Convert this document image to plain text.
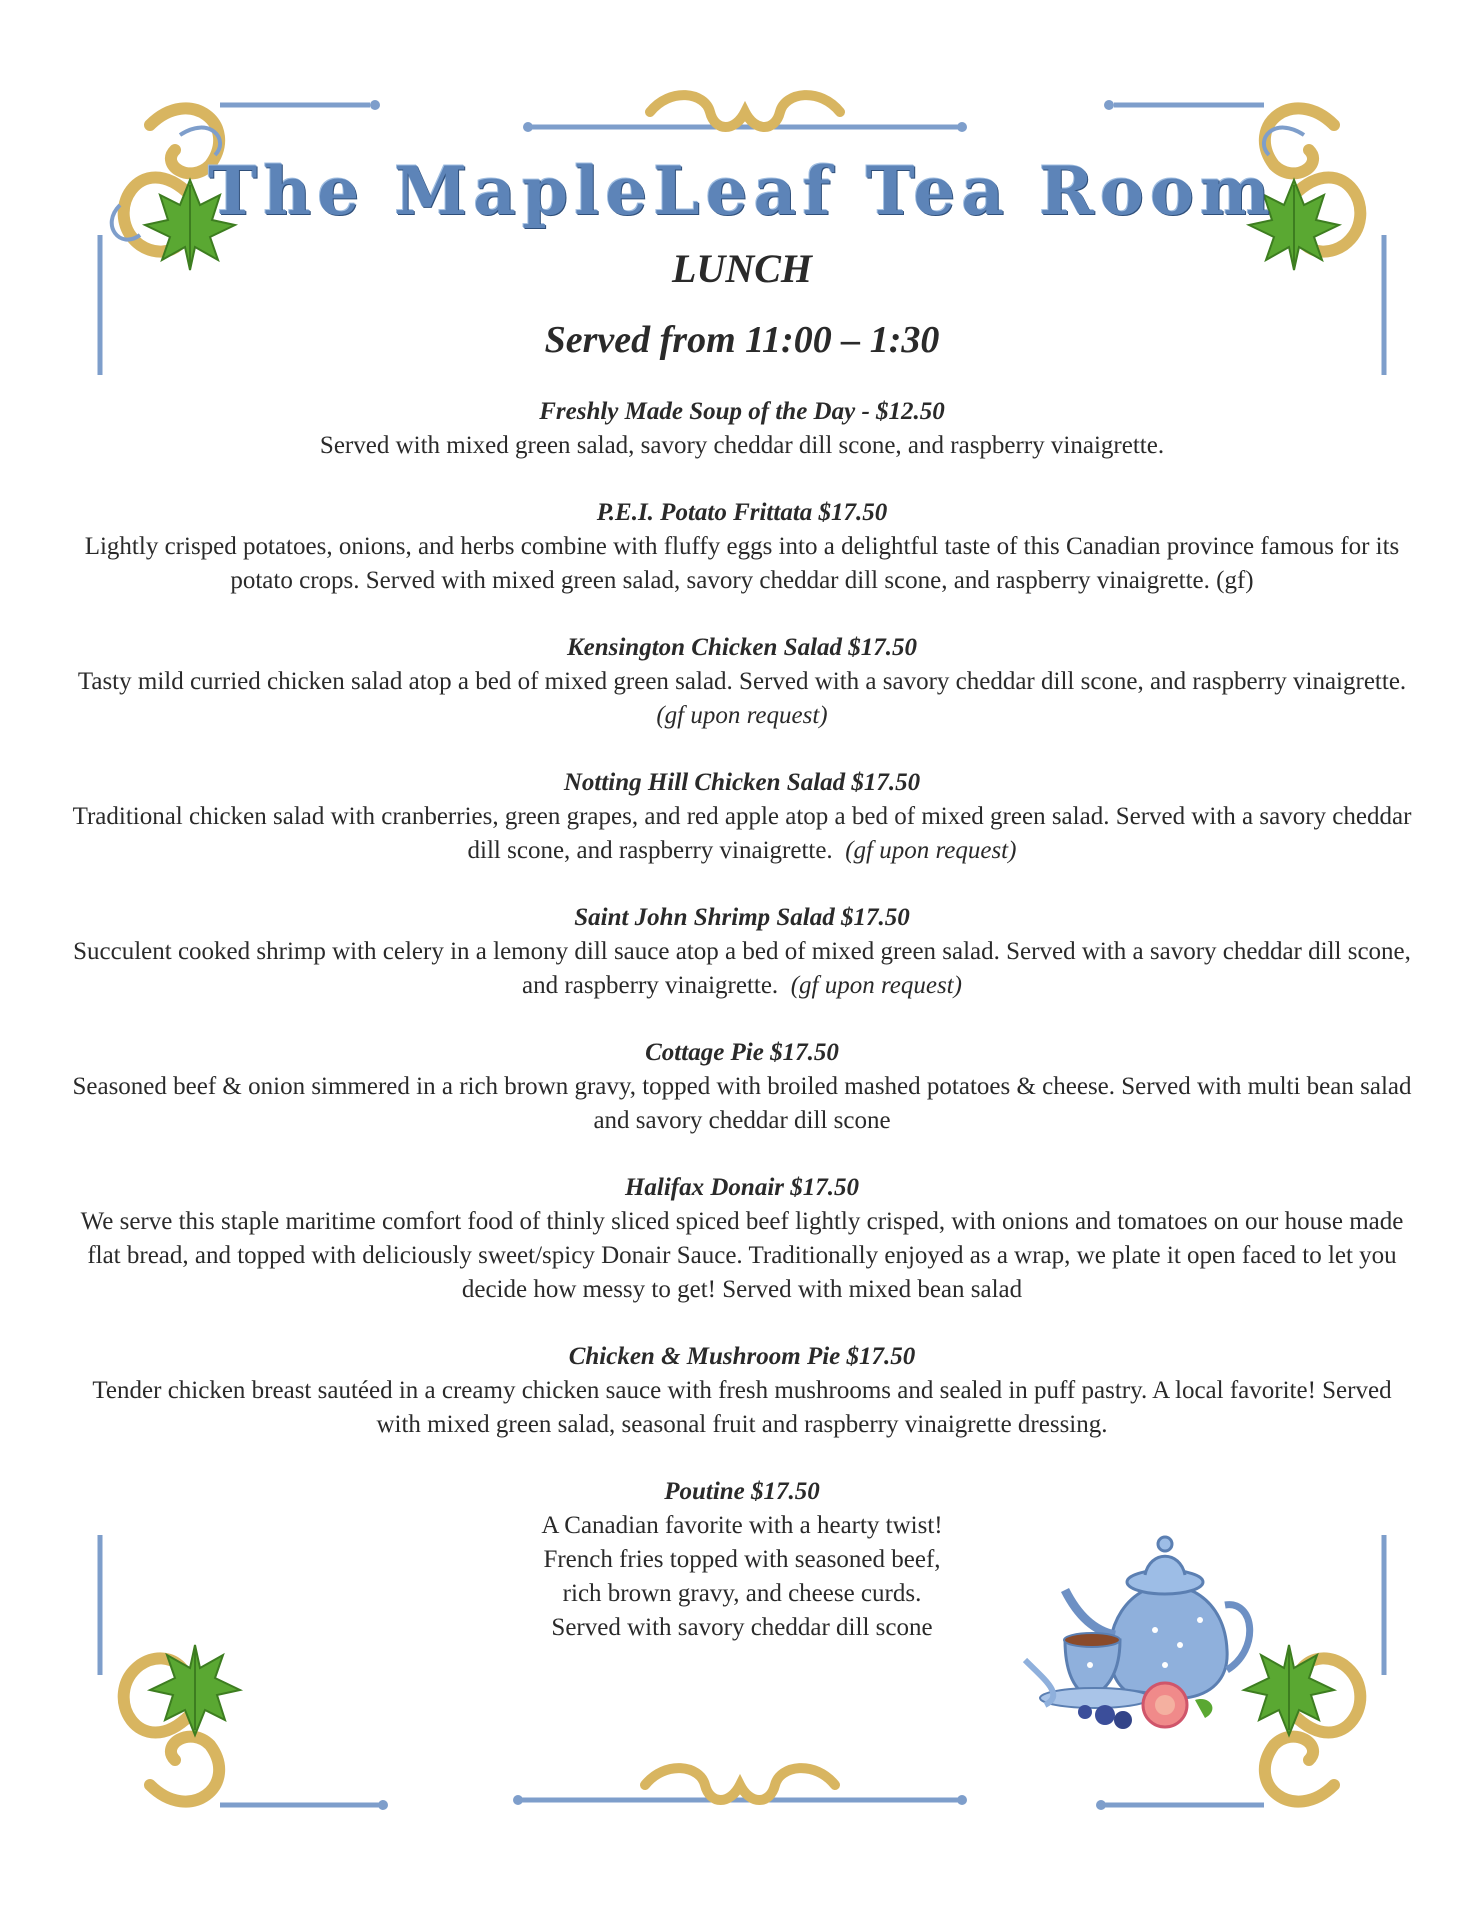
The MapleLeaf Tea Room
LUNCH
Served from 11:00 – 1:30
Freshly Made Soup of the Day - $12.50
Served with mixed green salad, savory cheddar dill scone, and raspberry vinaigrette.
P.E.I. Potato Frittata $17.50
Lightly crisped potatoes, onions, and herbs combine with fluffy eggs into a delightful taste of this Canadian province famous for its potato crops. Served with mixed green salad, savory cheddar dill scone, and raspberry vinaigrette. (gf)
Kensington Chicken Salad $17.50
Tasty mild curried chicken salad atop a bed of mixed green salad. Served with a savory cheddar dill scone, and raspberry vinaigrette. (gf upon request)
Notting Hill Chicken Salad $17.50
Traditional chicken salad with cranberries, green grapes, and red apple atop a bed of mixed green salad. Served with a savory cheddar dill scone, and raspberry vinaigrette. (gf upon request)
Saint John Shrimp Salad $17.50
Succulent cooked shrimp with celery in a lemony dill sauce atop a bed of mixed green salad. Served with a savory cheddar dill scone, and raspberry vinaigrette. (gf upon request)
Cottage Pie $17.50
Seasoned beef & onion simmered in a rich brown gravy, topped with broiled mashed potatoes & cheese. Served with multi bean salad and savory cheddar dill scone
Halifax Donair $17.50
We serve this staple maritime comfort food of thinly sliced spiced beef lightly crisped, with onions and tomatoes on our house made flat bread, and topped with deliciously sweet/spicy Donair Sauce. Traditionally enjoyed as a wrap, we plate it open faced to let you decide how messy to get! Served with mixed bean salad
Chicken & Mushroom Pie $17.50
Tender chicken breast sautéed in a creamy chicken sauce with fresh mushrooms and sealed in puff pastry. A local favorite! Served with mixed green salad, seasonal fruit and raspberry vinaigrette dressing.
Poutine $17.50
A Canadian favorite with a hearty twist!
French fries topped with seasoned beef,
rich brown gravy, and cheese curds.
Served with savory cheddar dill scone
